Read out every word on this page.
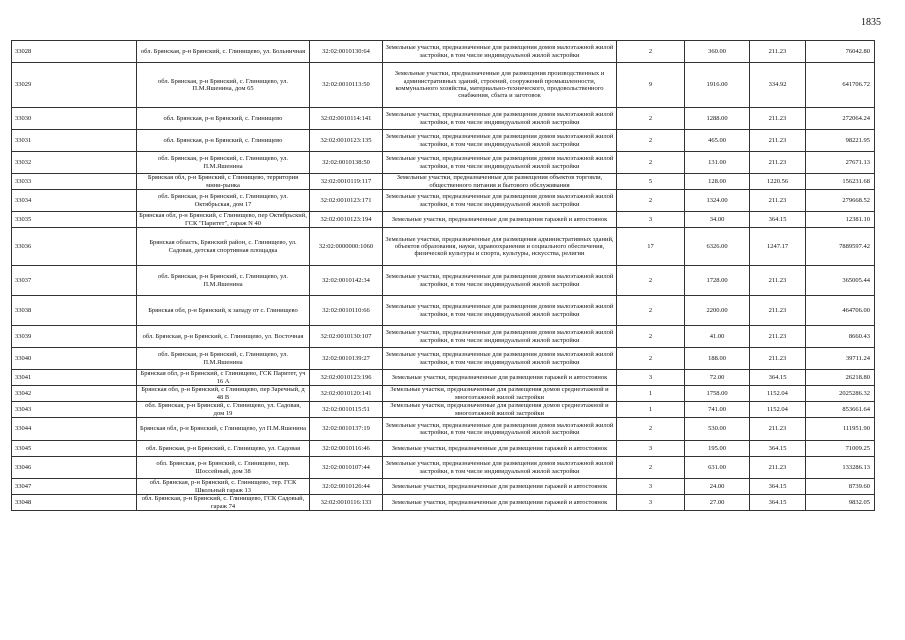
1835
33028	обл. Брянская, р-н Брянский, с. Глинищево, ул. Больничная	32:02:0010130:64	Земельные участки, предназначенные для размещения домов малоэтажной жилой застройки, в том числе индивидуальной жилой застройки	2	360.00	211.23	76042.80
33029	обл. Брянская, р-н Брянский, с. Глинищево, ул. П.М.Яшенина, дом 65	32:02:0010113:50	Земельные участки, предназначенные для размещения производственных и административных зданий, строений, сооружений промышленности, коммунального хозяйства, материально-технического, продовольственного снабжения, сбыта и заготовок	9	1916.00	334.92	641706.72
33030	обл. Брянская, р-н Брянский, с. Глинищево	32:02:0010114:141	Земельные участки, предназначенные для размещения домов малоэтажной жилой застройки, в том числе индивидуальной жилой застройки	2	1288.00	211.23	272064.24
33031	обл. Брянская, р-н Брянский, с. Глинищево	32:02:0010123:135	Земельные участки, предназначенные для размещения домов малоэтажной жилой застройки, в том числе индивидуальной жилой застройки	2	465.00	211.23	98221.95
33032	обл. Брянская, р-н Брянский, с. Глинищево, ул. П.М.Яшенина	32:02:0010138:50	Земельные участки, предназначенные для размещения домов малоэтажной жилой застройки, в том числе индивидуальной жилой застройки	2	131.00	211.23	27671.13
33033	Брянская обл, р-н Брянский, с Глинищево, территория мини-рынка	32:02:0010119:117	Земельные участки, предназначенные для размещения объектов торговли, общественного питания и бытового обслуживания	5	128.00	1220.56	156231.68
33034	обл. Брянская, р-н Брянский, с. Глинищево, ул. Октябрьская, дом 17	32:02:0010123:171	Земельные участки, предназначенные для размещения домов малоэтажной жилой застройки, в том числе индивидуальной жилой застройки	2	1324.00	211.23	279668.52
33035	Брянская обл, р-н Брянский, с Глинищево, пер Октябрьский, ГСК "Паритет", гараж N 40	32:02:0010123:194	Земельные участки, предназначенные для размещения гаражей и автостоянок	3	34.00	364.15	12381.10
33036	Брянская область, Брянский район, с. Глинищево, ул. Садовая, детская спортивная площадка	32:02:0000000:1060	Земельные участки, предназначенные для размещения административных зданий, объектов образования, науки, здравоохранения и социального обеспечения, физической культуры и спорта, культуры, искусства, религии	17	6326.00	1247.17	7889597.42
33037	обл. Брянская, р-н Брянский, с. Глинищево, ул. П.М.Яшенина	32:02:0010142:34	Земельные участки, предназначенные для размещения домов малоэтажной жилой застройки, в том числе индивидуальной жилой застройки	2	1728.00	211.23	365005.44
33038	Брянская обл, р-н Брянский, к западу от с. Глинищево	32:02:0010110:66	Земельные участки, предназначенные для размещения домов малоэтажной жилой застройки, в том числе индивидуальной жилой застройки	2	2200.00	211.23	464706.00
33039	обл. Брянская, р-н Брянский, с. Глинищево, ул. Восточная	32:02:0010130:107	Земельные участки, предназначенные для размещения домов малоэтажной жилой застройки, в том числе индивидуальной жилой застройки	2	41.00	211.23	8660.43
33040	обл. Брянская, р-н Брянский, с. Глинищево, ул. П.М.Яшенина	32:02:0010139:27	Земельные участки, предназначенные для размещения домов малоэтажной жилой застройки, в том числе индивидуальной жилой застройки	2	188.00	211.23	39711.24
33041	Брянская обл, р-н Брянский, с Глинищево, ГСК Паритет, уч 16 А	32:02:0010123:196	Земельные участки, предназначенные для размещения гаражей и автостоянок	3	72.00	364.15	26218.80
33042	Брянская обл, р-н Брянский, с Глинищево, пер Заречный, д 48 В	32:02:0010120:141	Земельные участки, предназначенные для размещения домов среднеэтажной и многоэтажной жилой застройки	1	1758.00	1152.04	2025286.32
33043	обл. Брянская, р-н Брянский, с. Глинищево, ул. Садовая, дом 19	32:02:0010115:51	Земельные участки, предназначенные для размещения домов среднеэтажной и многоэтажной жилой застройки	1	741.00	1152.04	853661.64
33044	Брянская обл, р-н Брянский, с Глинищево, ул П.М.Яшенина	32:02:0010137:19	Земельные участки, предназначенные для размещения домов малоэтажной жилой застройки, в том числе индивидуальной жилой застройки	2	530.00	211.23	111951.90
33045	обл. Брянская, р-н Брянский, с. Глинищево, ул. Садовая	32:02:0010116:46	Земельные участки, предназначенные для размещения гаражей и автостоянок	3	195.00	364.15	71009.25
33046	обл. Брянская, р-н Брянский, с. Глинищево, пер. Шоссейный, дом 38	32:02:0010107:44	Земельные участки, предназначенные для размещения домов малоэтажной жилой застройки, в том числе индивидуальной жилой застройки	2	631.00	211.23	133286.13
33047	обл. Брянская, р-н Брянский, с. Глинищево, тер. ГСК Школьный гараж 13	32:02:0010126:44	Земельные участки, предназначенные для размещения гаражей и автостоянок	3	24.00	364.15	8739.60
33048	обл. Брянская, р-н Брянский, с. Глинищево, ГСК Садовый, гараж 74	32:02:0010116:133	Земельные участки, предназначенные для размещения гаражей и автостоянок	3	27.00	364.15	9832.05
